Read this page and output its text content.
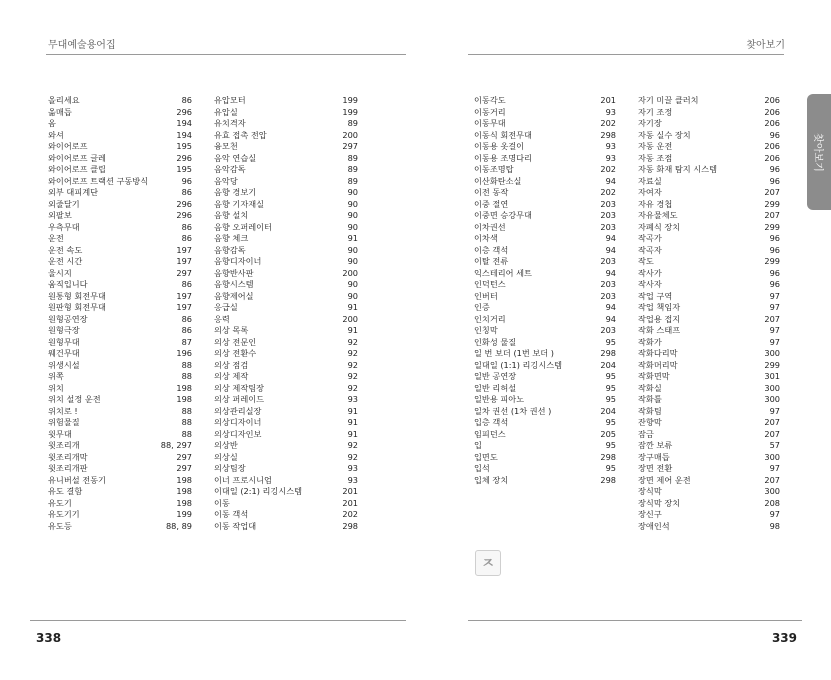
무대예술용어집	찾아보기
올리세요	86
옮매듭	296
옴	194
와셔	194
와이어로프	195
와이어로프 글레	296
와이어로프 클립	195
와이어로프 트랙션 구동방식	96
외부 대피계단	86
외줄달기	296
외팔보	296
우측무대	86
운전	86
운전 속도	197
운전 시간	197
울시지	297
움직입니다	86
원통형 회전무대	197
원판형 회전무대	197
원형공연장	86
원형극장	86
원형무대	87
웨건무대	196
위생시설	88
위쪽	88
위치	198
위치 설정 운전	198
위치로 !	88
위험물질	88
윗무대	88
윗조리개	88, 297
윗조리개막	297
윗조리개판	297
유니버설 전동기	198
유도 결함	198
유도기	198
유도기기	199
유도등	88, 89
유압모터	199
유압실	199
유치격자	89
유효 접촉 전압	200
융모천	297
음악 연습실	89
음악감독	89
음악당	89
음향 경보기	90
음향 기자재실	90
음향 설치	90
음향 오퍼레이터	90
음향 체크	91
음향감독	90
음향디자이너	90
음향반사판	200
음향시스템	90
음향제어실	90
응급실	91
응력	200
의상 목록	91
의상 전문인	92
의상 전환수	92
의상 점검	92
의상 제작	92
의상 제작팀장	92
의상 퍼레이드	93
의상관리실장	91
의상디자이너	91
의상디자인보	91
의상반	92
의상실	92
의상팀장	93
이너 프로시니엄	93
이대일 (2:1) 리깅시스템	201
이동	201
이동 객석	202
이동 작업대	298
이동각도	201
이동거리	93
이동무대	202
이동식 회전무대	298
이동용 옷걸이	93
이동용 조명다리	93
이동조명탑	202
이산화탄소실	94
이전 동작	202
이중 절연	203
이중면 승강무대	203
이차권선	203
이차색	94
이층 객석	94
이탈 전류	203
익스테리어 세트	94
인덕턴스	203
인버터	203
인증	94
인치거리	94
인칭막	203
인화성 물질	95
일 번 보더 (1번 보더 )	298
일대일 (1:1) 리깅시스템	204
일반 공연장	95
일반 리허설	95
일반용 피아노	95
일차 권선 (1차 권선 )	204
입층 객석	95
임피던스	205
입	95
입면도	298
입석	95
입체 장치	298
자기 미끌 클러치	206
자기 조정	206
자기장	206
자동 실수 장치	96
자동 운전	206
자동 조점	206
자동 화재 탐지 시스템	96
자료실	96
자여자	207
자유 경첩	299
자유물체도	207
자폐식 장치	299
작곡가	96
작곡자	96
작도	299
작사가	96
작사자	96
작업 구역	97
작업 책임자	97
작업용 접지	207
작화 스태프	97
작화가	97
작화다리막	300
작화머리막	299
작화면막	301
작화실	300
작화틀	300
작화팀	97
잔향막	207
잠금	207
잠깐 보류	57
장구매듭	300
장면 전환	97
장면 제어 운전	207
장식막	300
장식막 장치	208
장신구	97
장애인석	98
ㅈ
찾아보기
338	339
